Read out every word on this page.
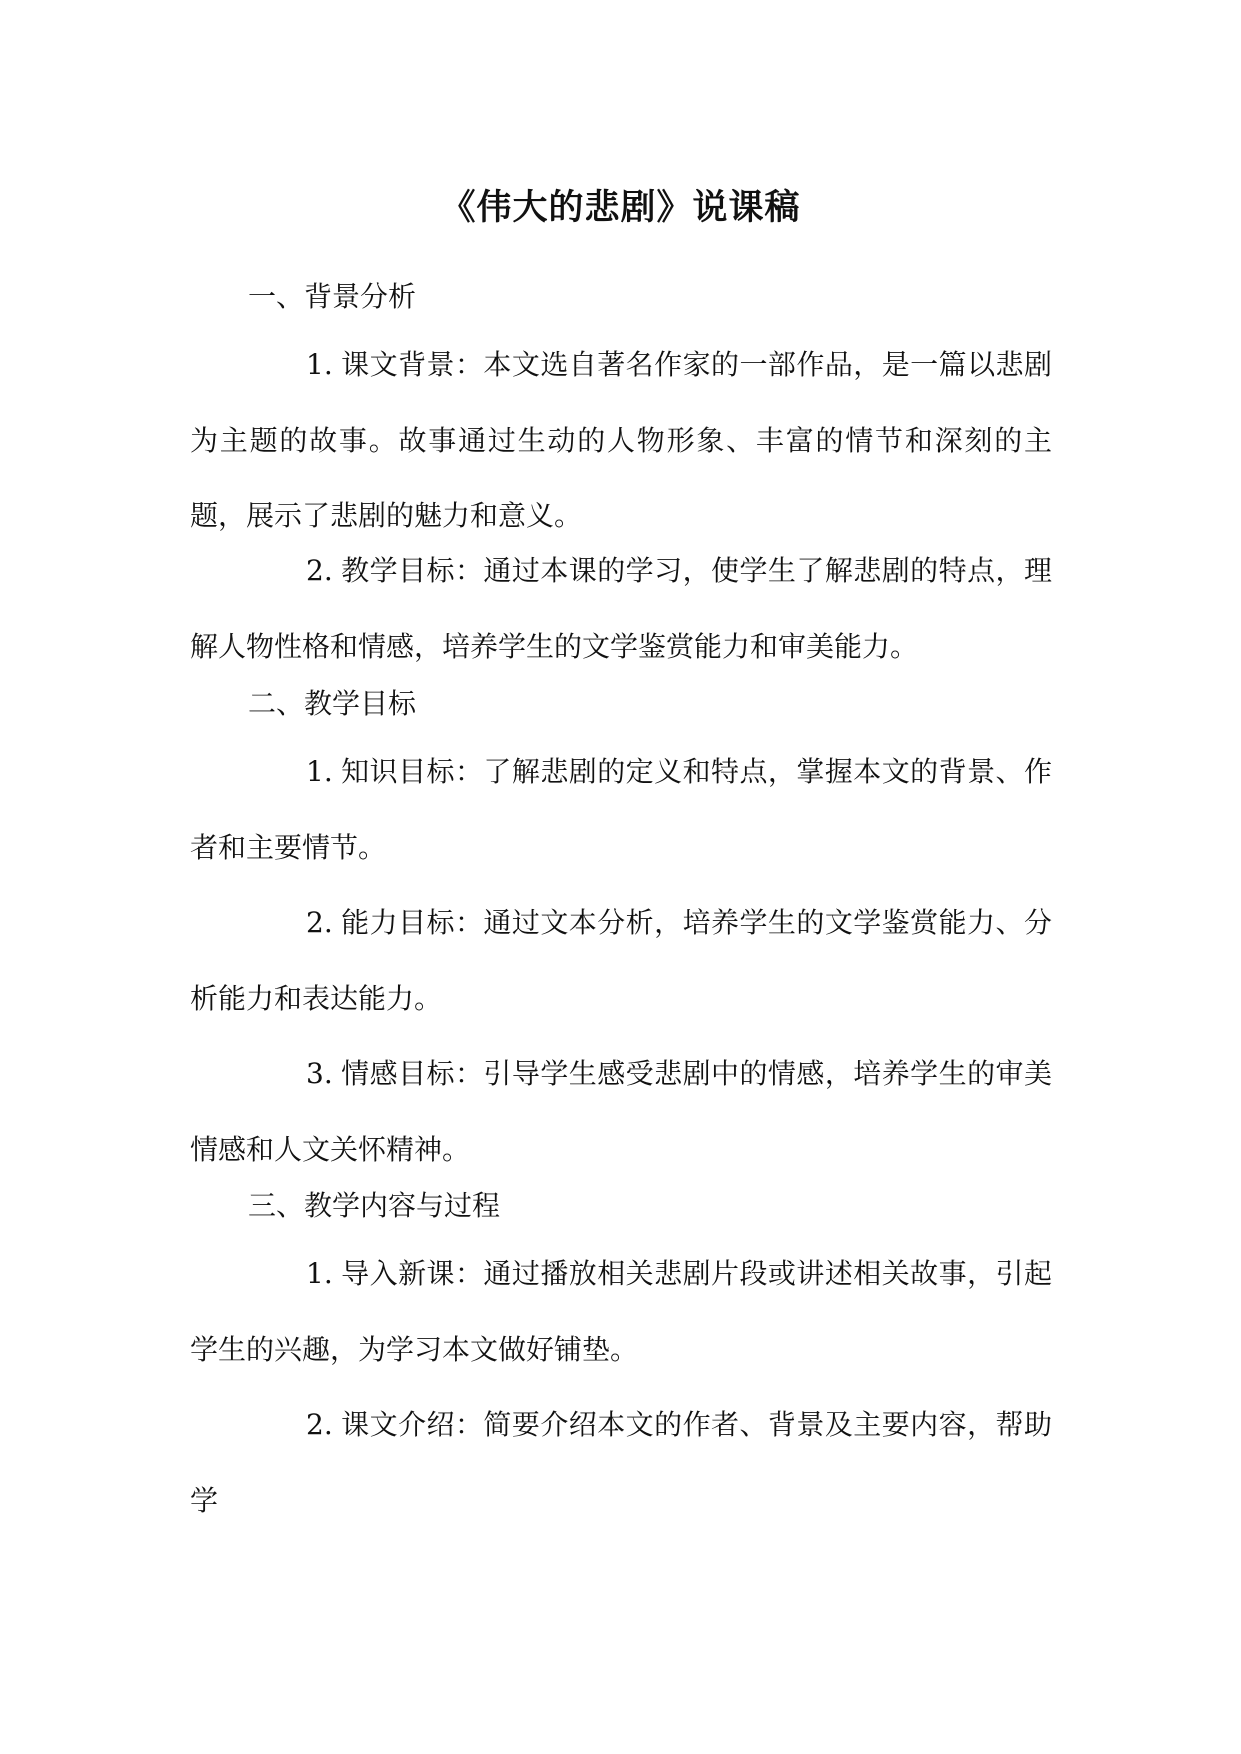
《伟大的悲剧》说课稿
一、背景分析
1. 课文背景：本文选自著名作家的一部作品，是一篇以悲剧为主题的故事。故事通过生动的人物形象、丰富的情节和深刻的主题，展示了悲剧的魅力和意义。
2. 教学目标：通过本课的学习，使学生了解悲剧的特点，理解人物性格和情感，培养学生的文学鉴赏能力和审美能力。
二、教学目标
1. 知识目标：了解悲剧的定义和特点，掌握本文的背景、作者和主要情节。
2. 能力目标：通过文本分析，培养学生的文学鉴赏能力、分析能力和表达能力。
3. 情感目标：引导学生感受悲剧中的情感，培养学生的审美情感和人文关怀精神。
三、教学内容与过程
1. 导入新课：通过播放相关悲剧片段或讲述相关故事，引起学生的兴趣，为学习本文做好铺垫。
2. 课文介绍：简要介绍本文的作者、背景及主要内容，帮助学
